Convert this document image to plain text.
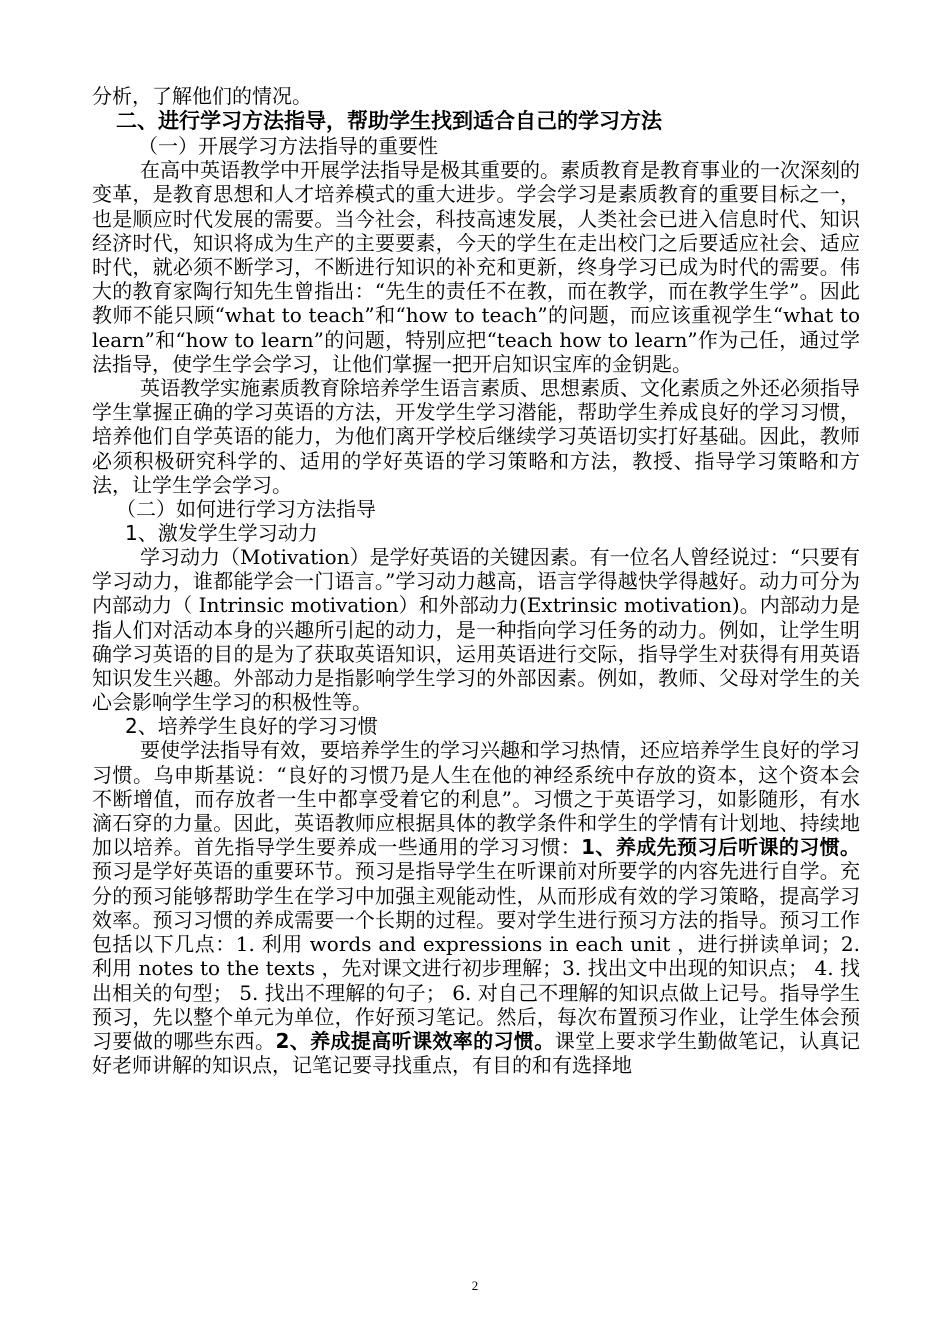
分析，了解他们的情况。

二、进行学习方法指导，帮助学生找到适合自己的学习方法

（一）开展学习方法指导的重要性

在高中英语教学中开展学法指导是极其重要的。素质教育是教育事业的一次深刻的变革，是教育思想和人才培养模式的重大进步。学会学习是素质教育的重要目标之一，也是顺应时代发展的需要。当今社会，科技高速发展，人类社会已进入信息时代、知识经济时代，知识将成为生产的主要要素，今天的学生在走出校门之后要适应社会、适应时代，就必须不断学习，不断进行知识的补充和更新，终身学习已成为时代的需要。伟大的教育家陶行知先生曾指出：“先生的责任不在教，而在教学，而在教学生学”。因此教师不能只顾“what to teach”和“how to teach”的问题，而应该重视学生“what to learn”和“how to learn”的问题，特别应把“teach how to learn”作为己任，通过学法指导，使学生学会学习，让他们掌握一把开启知识宝库的金钥匙。

英语教学实施素质教育除培养学生语言素质、思想素质、文化素质之外还必须指导学生掌握正确的学习英语的方法，开发学生学习潜能，帮助学生养成良好的学习习惯，培养他们自学英语的能力，为他们离开学校后继续学习英语切实打好基础。因此，教师必须积极研究科学的、适用的学好英语的学习策略和方法，教授、指导学习策略和方法，让学生学会学习。

（二）如何进行学习方法指导

1、激发学生学习动力

学习动力（Motivation）是学好英语的关键因素。有一位名人曾经说过：“只要有学习动力，谁都能学会一门语言。”学习动力越高，语言学得越快学得越好。动力可分为内部动力（ Intrinsic motivation）和外部动力(Extrinsic motivation)。内部动力是指人们对活动本身的兴趣所引起的动力，是一种指向学习任务的动力。例如，让学生明确学习英语的目的是为了获取英语知识，运用英语进行交际，指导学生对获得有用英语知识发生兴趣。外部动力是指影响学生学习的外部因素。例如，教师、父母对学生的关心会影响学生学习的积极性等。

2、培养学生良好的学习习惯

要使学法指导有效，要培养学生的学习兴趣和学习热情，还应培养学生良好的学习习惯。乌申斯基说：“良好的习惯乃是人生在他的神经系统中存放的资本，这个资本会不断增值，而存放者一生中都享受着它的利息”。习惯之于英语学习，如影随形，有水滴石穿的力量。因此，英语教师应根据具体的教学条件和学生的学情有计划地、持续地加以培养。首先指导学生要养成一些通用的学习习惯：1、养成先预习后听课的习惯。预习是学好英语的重要环节。预习是指导学生在听课前对所要学的内容先进行自学。充分的预习能够帮助学生在学习中加强主观能动性，从而形成有效的学习策略，提高学习效率。预习习惯的养成需要一个长期的过程。要对学生进行预习方法的指导。预习工作包括以下几点：1. 利用 words and expressions in each unit ，进行拼读单词；2. 利用 notes to the texts ，先对课文进行初步理解；3. 找出文中出现的知识点； 4. 找出相关的句型； 5. 找出不理解的句子； 6. 对自己不理解的知识点做上记号。指导学生预习，先以整个单元为单位，作好预习笔记。然后，每次布置预习作业，让学生体会预习要做的哪些东西。2、养成提高听课效率的习惯。课堂上要求学生勤做笔记，认真记好老师讲解的知识点，记笔记要寻找重点，有目的和有选择地

2
